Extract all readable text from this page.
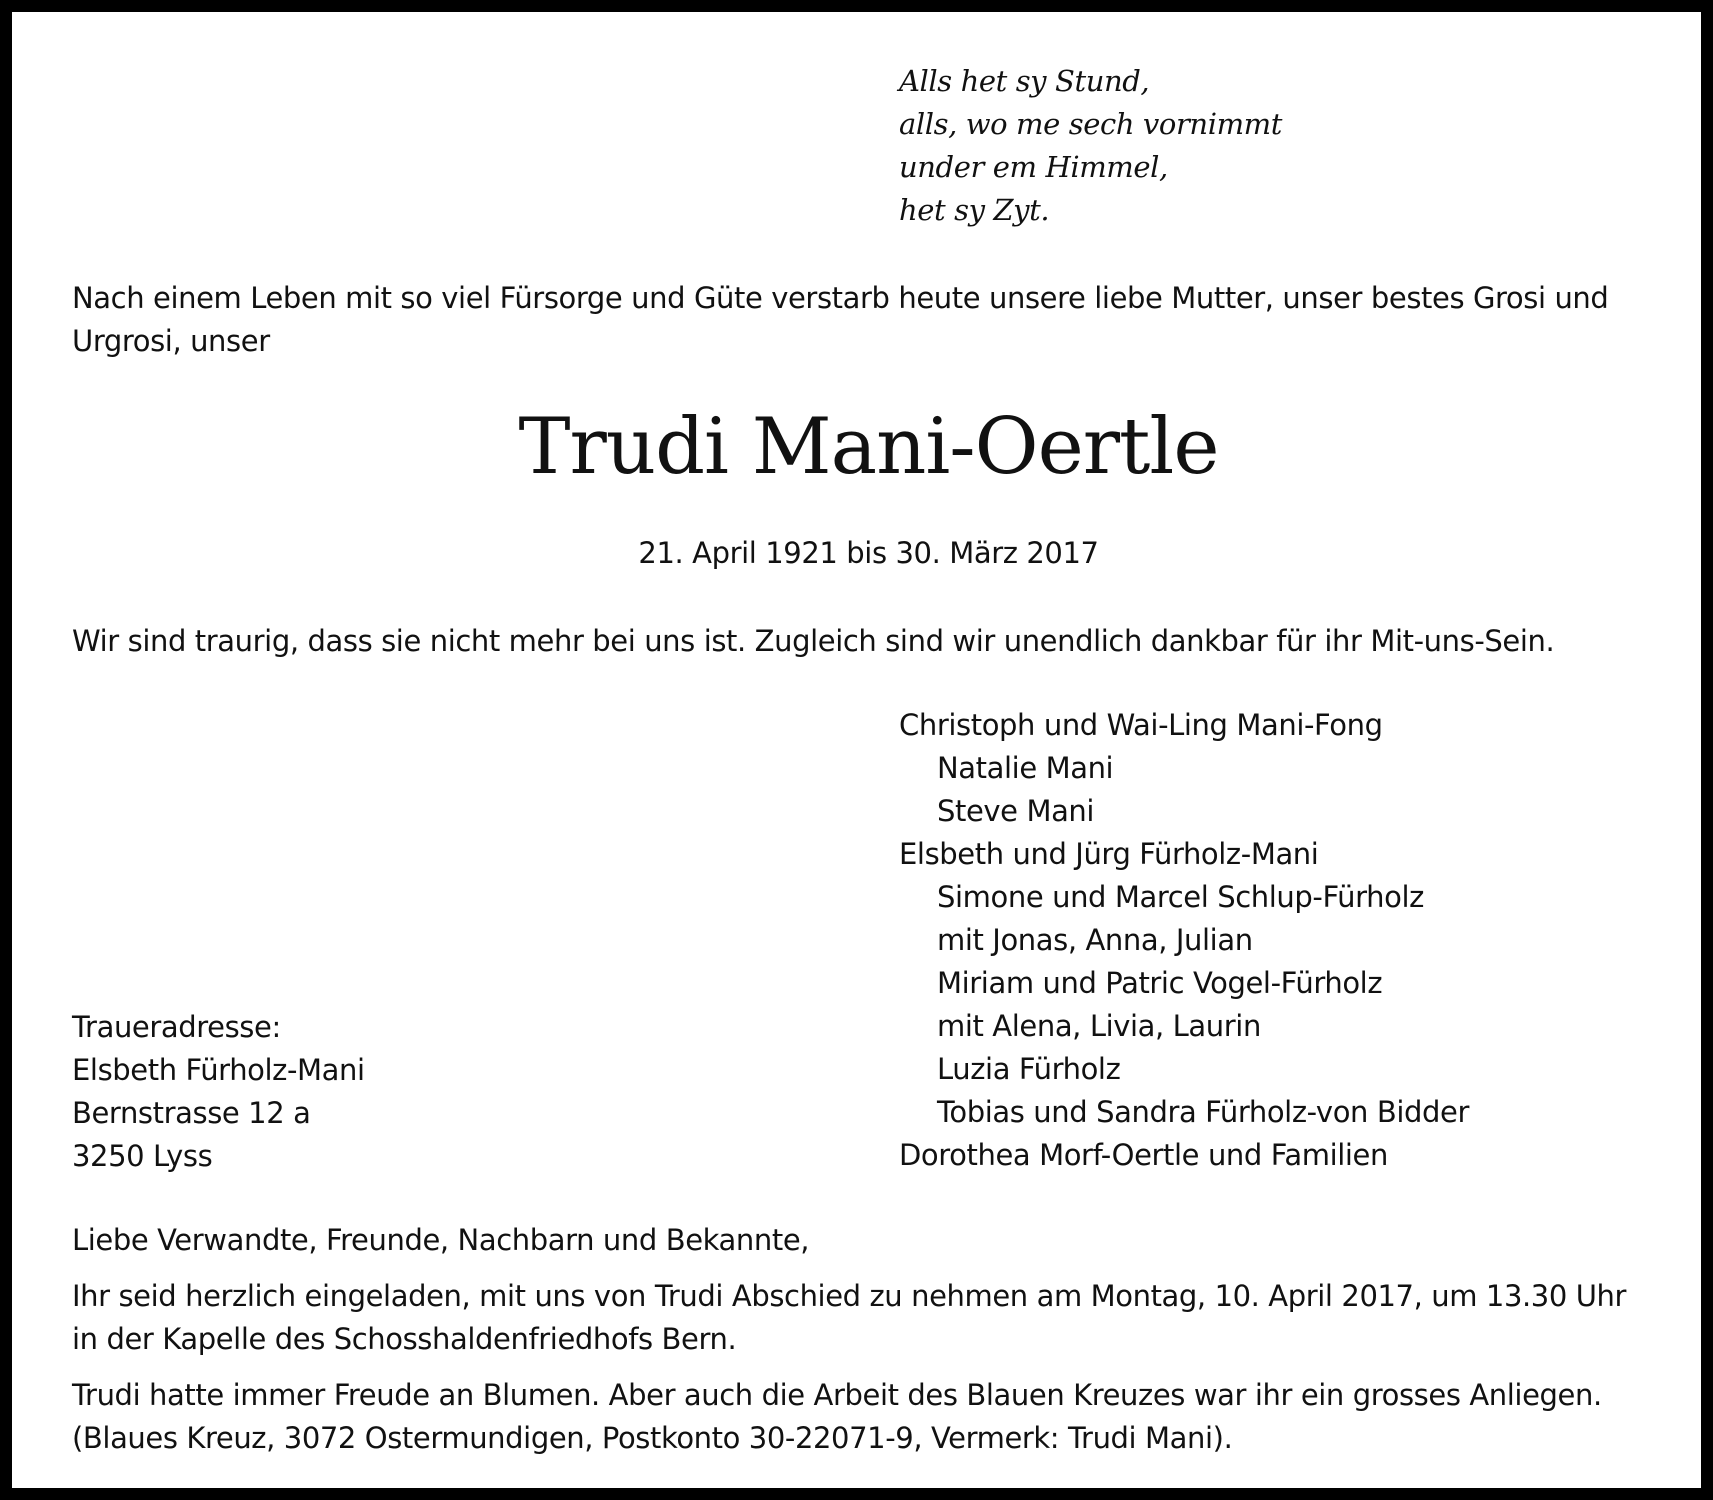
Alls het sy Stund,
alls, wo me sech vornimmt
under em Himmel,
het sy Zyt.
Nach einem Leben mit so viel Fürsorge und Güte verstarb heute unsere liebe Mutter, unser bestes Grosi und
Urgrosi, unser
Trudi Mani-Oertle
21. April 1921 bis 30. März 2017
Wir sind traurig, dass sie nicht mehr bei uns ist. Zugleich sind wir unendlich dankbar für ihr Mit-uns-Sein.
Christoph und Wai-Ling Mani-Fong
Natalie Mani
Steve Mani
Elsbeth und Jürg Fürholz-Mani
Simone und Marcel Schlup-Fürholz
mit Jonas, Anna, Julian
Miriam und Patric Vogel-Fürholz
mit Alena, Livia, Laurin
Luzia Fürholz
Tobias und Sandra Fürholz-von Bidder
Dorothea Morf-Oertle und Familien
Traueradresse:
Elsbeth Fürholz-Mani
Bernstrasse 12 a
3250 Lyss
Liebe Verwandte, Freunde, Nachbarn und Bekannte,
Ihr seid herzlich eingeladen, mit uns von Trudi Abschied zu nehmen am Montag, 10. April 2017, um 13.30 Uhr
in der Kapelle des Schosshaldenfriedhofs Bern.
Trudi hatte immer Freude an Blumen. Aber auch die Arbeit des Blauen Kreuzes war ihr ein grosses Anliegen.
(Blaues Kreuz, 3072 Ostermundigen, Postkonto 30-22071-9, Vermerk: Trudi Mani).
